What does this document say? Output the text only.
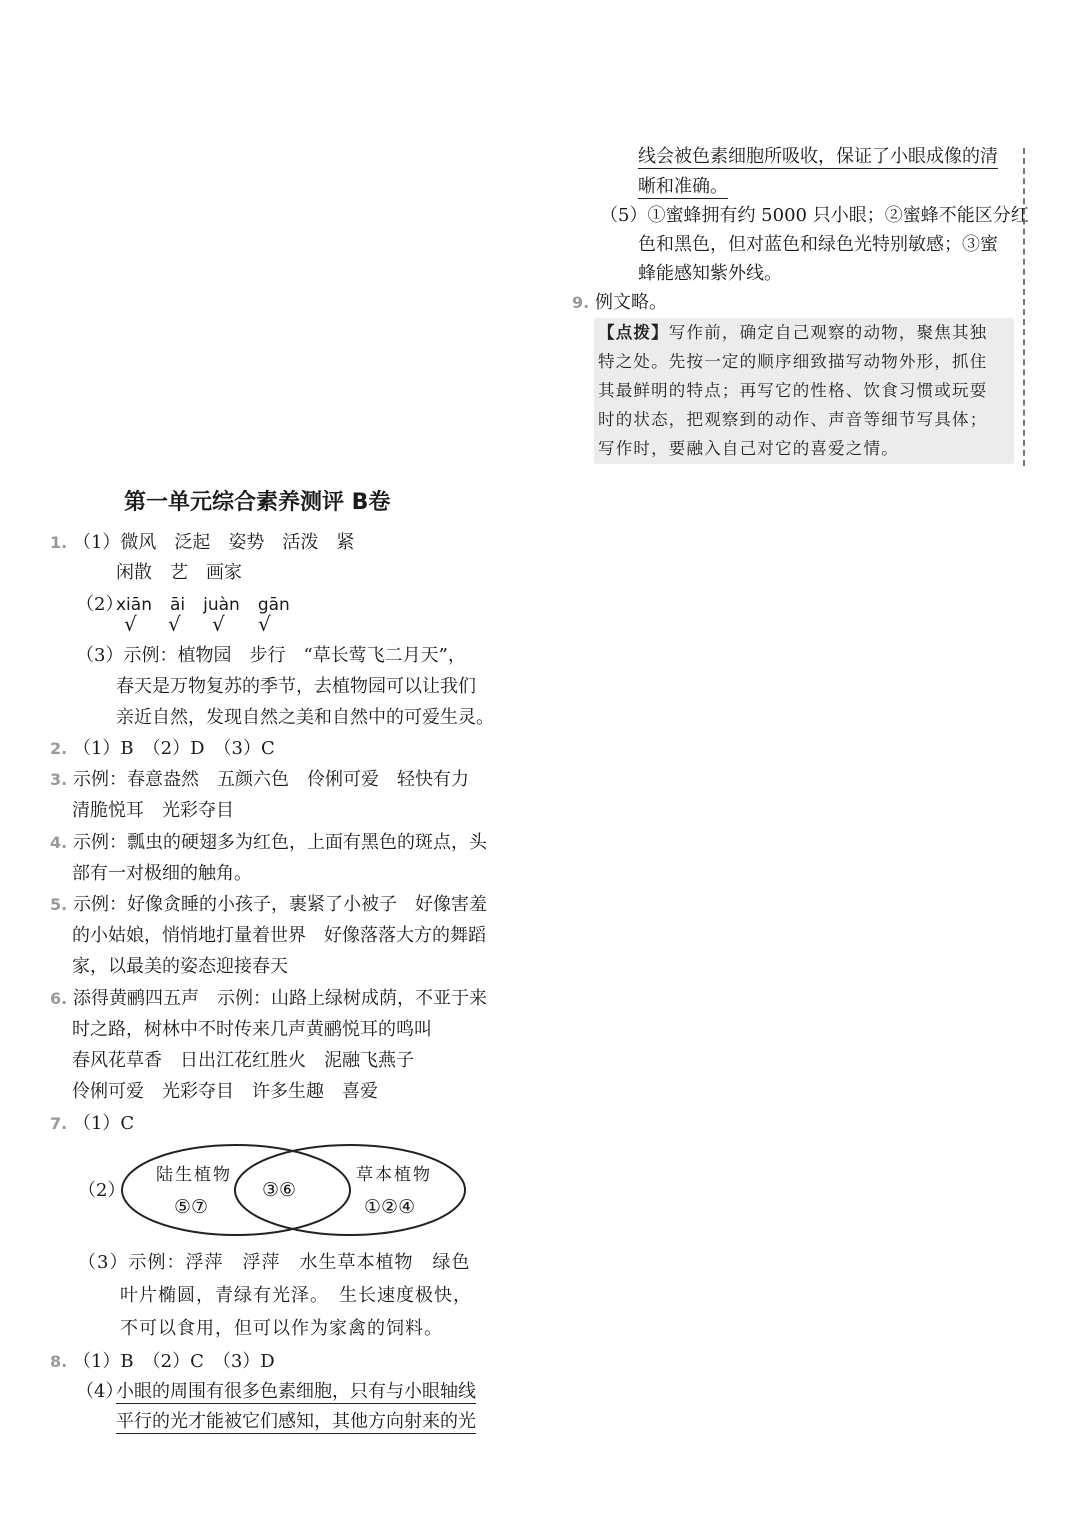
线会被色素细胞所吸收，保证了小眼成像的清
晰和准确。
（5）①蜜蜂拥有约 5000 只小眼；②蜜蜂不能区分红
色和黑色，但对蓝色和绿色光特别敏感；③蜜
蜂能感知紫外线。
9. 例文略。
【点拨】写作前，确定自己观察的动物，聚焦其独
特之处。先按一定的顺序细致描写动物外形，抓住
其最鲜明的特点；再写它的性格、饮食习惯或玩耍
时的状态，把观察到的动作、声音等细节写具体；
写作时，要融入自己对它的喜爱之情。
第一单元综合素养测评 B卷
1. （1）微风　泛起　姿势　活泼　紧
闲散　艺　画家
（2）
xiān āi juàn gān
√ √ √ √
（3）示例：植物园　步行　“草长莺飞二月天”，
春天是万物复苏的季节，去植物园可以让我们
亲近自然，发现自然之美和自然中的可爱生灵。
2. （1）B　（2）D　（3）C
3. 示例：春意盎然　五颜六色　伶俐可爱　轻快有力
清脆悦耳　光彩夺目
4. 示例：瓢虫的硬翅多为红色，上面有黑色的斑点，头
部有一对极细的触角。
5. 示例：好像贪睡的小孩子，裹紧了小被子　好像害羞
的小姑娘，悄悄地打量着世界　好像落落大方的舞蹈
家，以最美的姿态迎接春天
6. 添得黄鹂四五声　示例：山路上绿树成荫，不亚于来
时之路，树林中不时传来几声黄鹂悦耳的鸣叫
春风花草香　日出江花红胜火　泥融飞燕子
伶俐可爱　光彩夺目　许多生趣　喜爱
7. （1）C
（2）
陆生植物
⑤⑦
③⑥
草本植物
①②④
（3）示例：浮萍　浮萍　水生草本植物　绿色
叶片椭圆，青绿有光泽。　生长速度极快，
不可以食用，但可以作为家禽的饲料。
8. （1）B　（2）C　（3）D
（4）
小眼的周围有很多色素细胞，只有与小眼轴线
平行的光才能被它们感知，其他方向射来的光
